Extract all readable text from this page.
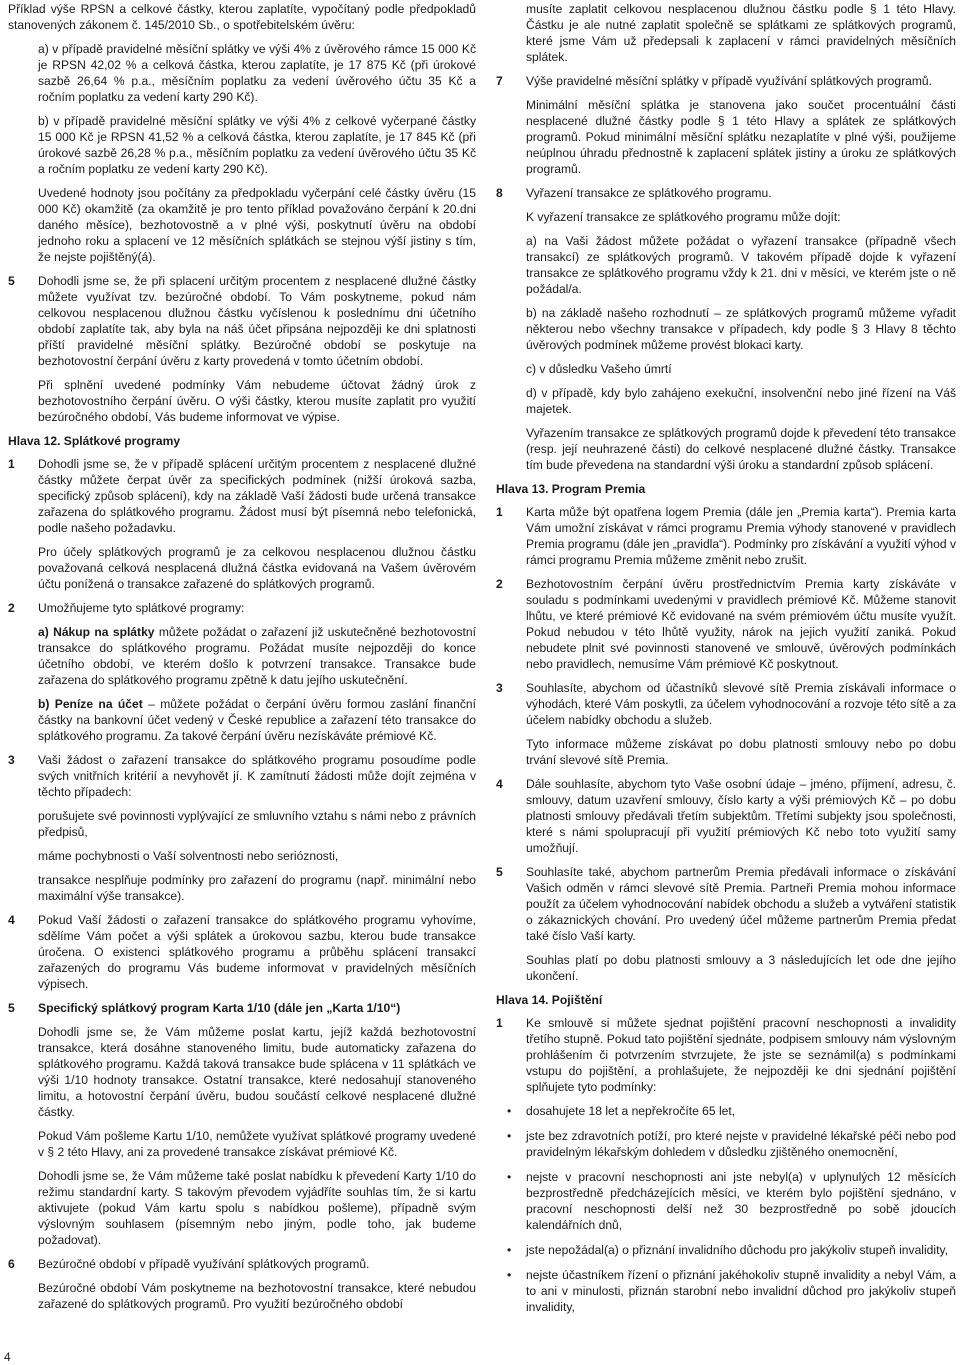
Příklad výše RPSN a celkové částky, kterou zaplatíte, vypočítaný podle předpokladů stanovených zákonem č. 145/2010 Sb., o spotřebitelském úvěru:

a) v případě pravidelné měsíční splátky ve výši 4% z úvěrového rámce 15 000 Kč je RPSN 42,02 % a celková částka, kterou zaplatíte, je 17 875 Kč (při úrokové sazbě 26,64 % p.a., měsíčním poplatku za vedení úvěrového účtu 35 Kč a ročním poplatku za vedení karty 290 Kč).

b) v případě pravidelné měsíční splátky ve výši 4% z celkové vyčerpané částky 15 000 Kč je RPSN 41,52 % a celková částka, kterou zaplatíte, je 17 845 Kč (při úrokové sazbě 26,28 % p.a., měsíčním poplatku za vedení úvěrového účtu 35 Kč a ročním poplatku ze vedení karty 290 Kč).

Uvedené hodnoty jsou počítány za předpokladu vyčerpání celé částky úvěru (15 000 Kč) okamžitě (za okamžitě je pro tento příklad považováno čerpání k 20.dni daného měsíce), bezhotovostně a v plné výši, poskytnutí úvěru na období jednoho roku a splacení ve 12 měsíčních splátkách se stejnou výší jistiny s tím, že nejste pojištěný(á).

5 Dohodli jsme se, že při splacení určitým procentem z nesplacené dlužné částky můžete využívat tzv. bezúročné období. To Vám poskytneme, pokud nám celkovou nesplacenou dlužnou částku vyčíslenou k poslednímu dni účetního období zaplatíte tak, aby byla na náš účet připsána nejpozději ke dni splatnosti příští pravidelné měsíční splátky. Bezúročné období se poskytuje na bezhotovostní čerpání úvěru z karty provedená v tomto účetním období.

Při splnění uvedené podmínky Vám nebudeme účtovat žádný úrok z bezhotovostního čerpání úvěru. O výši částky, kterou musíte zaplatit pro využití bezúročného období, Vás budeme informovat ve výpise.

Hlava 12. Splátkové programy
1 Dohodli jsme se, že v případě splácení určitým procentem z nesplacené dlužné částky můžete čerpat úvěr za specifických podmínek (nižší úroková sazba, specifický způsob splácení), kdy na základě Vaší žádosti bude určená transakce zařazena do splátkového programu. Žádost musí být písemná nebo telefonická, podle našeho požadavku.

Pro účely splátkových programů je za celkovou nesplacenou dlužnou částku považovaná celková nesplacená dlužná částka evidovaná na Vašem úvěrovém účtu ponížená o transakce zařazené do splátkových programů.

2 Umožňujeme tyto splátkové programy:

a) Nákup na splátky můžete požádat o zařazení již uskutečněné bezhotovostní transakce do splátkového programu. Požádat musíte nejpozději do konce účetního období, ve kterém došlo k potvrzení transakce. Transakce bude zařazena do splátkového programu zpětně k datu jejího uskutečnění.

b) Peníze na účet – můžete požádat o čerpání úvěru formou zaslání finanční částky na bankovní účet vedený v České republice a zařazení této transakce do splátkového programu. Za takové čerpání úvěru nezískáváte prémiové Kč.

3 Vaši žádost o zařazení transakce do splátkového programu posoudíme podle svých vnitřních kritérií a nevyhovět jí. K zamítnutí žádosti může dojít zejména v těchto případech:

porušujete své povinnosti vyplývající ze smluvního vztahu s námi nebo z právních předpisů,

máme pochybnosti o Vaší solventnosti nebo serióznosti,

transakce nesplňuje podmínky pro zařazení do programu (např. minimální nebo maximální výše transakce).

4 Pokud Vaší žádosti o zařazení transakce do splátkového programu vyhovíme, sdělíme Vám počet a výši splátek a úrokovou sazbu, kterou bude transakce úročena. O existenci splátkového programu a průběhu splácení transakcí zařazených do programu Vás budeme informovat v pravidelných měsíčních výpisech.

5 Specifický splátkový program Karta 1/10 (dále jen „Karta 1/10“)

Dohodli jsme se, že Vám můžeme poslat kartu, jejíž každá bezhotovostní transakce, která dosáhne stanoveného limitu, bude automaticky zařazena do splátkového programu. Každá taková transakce bude splácena v 11 splátkách ve výši 1/10 hodnoty transakce. Ostatní transakce, které nedosahují stanoveného limitu, a hotovostní čerpání úvěru, budou součástí celkové nesplacené dlužné částky.

Pokud Vám pošleme Kartu 1/10, nemůžete využívat splátkové programy uvedené v § 2 této Hlavy, ani za provedené transakce získávat prémiové Kč.

Dohodli jsme se, že Vám můžeme také poslat nabídku k převedení Karty 1/10 do režimu standardní karty. S takovým převodem vyjádříte souhlas tím, že si kartu aktivujete (pokud Vám kartu spolu s nabídkou pošleme), případně svým výslovným souhlasem (písemným nebo jiným, podle toho, jak budeme požadovat).

6 Bezúročné období v případě využívání splátkových programů.

Bezúročné období Vám poskytneme na bezhotovostní transakce, které nebudou zařazené do splátkových programů. Pro využití bezúročného období

musíte zaplatit celkovou nesplacenou dlužnou částku podle § 1 této Hlavy. Částku je ale nutné zaplatit společně se splátkami ze splátkových programů, které jsme Vám už předepsali k zaplacení v rámci pravidelných měsíčních splátek.

7 Výše pravidelné měsíční splátky v případě využívání splátkových programů.

Minimální měsíční splátka je stanovena jako součet procentuální části nesplacené dlužné částky podle § 1 této Hlavy a splátek ze splátkových programů. Pokud minimální měsíční splátku nezaplatíte v plné výši, použijeme neúplnou úhradu přednostně k zaplacení splátek jistiny a úroku ze splátkových programů.

8 Vyřazení transakce ze splátkového programu.

K vyřazení transakce ze splátkového programu může dojít:

a) na Vaši žádost můžete požádat o vyřazení transakce (případně všech transakcí) ze splátkových programů. V takovém případě dojde k vyřazení transakce ze splátkového programu vždy k 21. dni v měsíci, ve kterém jste o ně požádal/a.

b) na základě našeho rozhodnutí – ze splátkových programů můžeme vyřadit některou nebo všechny transakce v případech, kdy podle § 3 Hlavy 8 těchto úvěrových podmínek můžeme provést blokaci karty.

c) v důsledku Vašeho úmrtí

d) v případě, kdy bylo zahájeno exekuční, insolvenční nebo jiné řízení na Váš majetek.

Vyřazením transakce ze splátkových programů dojde k převedení této transakce (resp. její neuhrazené části) do celkové nesplacené dlužné částky. Transakce tím bude převedena na standardní výši úroku a standardní způsob splácení.

Hlava 13. Program Premia
1 Karta může být opatřena logem Premia (dále jen „Premia karta“). Premia karta Vám umožní získávat v rámci programu Premia výhody stanovené v pravidlech Premia programu (dále jen „pravidla“). Podmínky pro získávání a využití výhod v rámci programu Premia můžeme změnit nebo zrušit.

2 Bezhotovostním čerpání úvěru prostřednictvím Premia karty získáváte v souladu s podmínkami uvedenými v pravidlech prémiové Kč. Můžeme stanovit lhůtu, ve které prémiové Kč evidované na svém prémiovém účtu musíte využít. Pokud nebudou v této lhůtě využity, nárok na jejich využití zaniká. Pokud nebudete plnit své povinnosti stanovené ve smlouvě, úvěrových podmínkách nebo pravidlech, nemusíme Vám prémiové Kč poskytnout.

3 Souhlasíte, abychom od účastníků slevové sítě Premia získávali informace o výhodách, které Vám poskytli, za účelem vyhodnocování a rozvoje této sítě a za účelem nabídky obchodu a služeb.

Tyto informace můžeme získávat po dobu platnosti smlouvy nebo po dobu trvání slevové sítě Premia.

4 Dále souhlasíte, abychom tyto Vaše osobní údaje – jméno, příjmení, adresu, č. smlouvy, datum uzavření smlouvy, číslo karty a výši prémiových Kč – po dobu platnosti smlouvy předávali třetím subjektům. Třetími subjekty jsou společnosti, které s námi spolupracují při využití prémiových Kč nebo toto využití samy umožňují.

5 Souhlasíte také, abychom partnerům Premia předávali informace o získávání Vašich odměn v rámci slevové sítě Premia. Partneři Premia mohou informace použít za účelem vyhodnocování nabídek obchodu a služeb a vytváření statistik o zákaznických chování. Pro uvedený účel můžeme partnerům Premia předat také číslo Vaší karty.

Souhlas platí po dobu platnosti smlouvy a 3 následujících let ode dne jejího ukončení.

Hlava 14. Pojištění
1 Ke smlouvě si můžete sjednat pojištění pracovní neschopnosti a invalidity třetího stupně. Pokud tato pojištění sjednáte, podpisem smlouvy nám výslovným prohlášením či potvrzením stvrzujete, že jste se seznámil(a) s podmínkami vstupu do pojištění, a prohlašujete, že nejpozději ke dni sjednání pojištění splňujete tyto podmínky:

• dosahujete 18 let a nepřekročíte 65 let,

• jste bez zdravotních potíží, pro které nejste v pravidelné lékařské péči nebo pod pravidelným lékařským dohledem v důsledku zjištěného onemocnění,

• nejste v pracovní neschopnosti ani jste nebyl(a) v uplynulých 12 měsících bezprostředně předcházejících měsíci, ve kterém bylo pojištění sjednáno, v pracovní neschopnosti delší než 30 bezprostředně po sobě jdoucích kalendářních dnů,

• jste nepožádal(a) o přiznání invalidního důchodu pro jakýkoliv stupeň invalidity,

• nejste účastníkem řízení o přiznání jakéhokoliv stupně invalidity a nebyl Vám, a to ani v minulosti, přiznán starobní nebo invalidní důchod pro jakýkoliv stupeň invalidity,

4
